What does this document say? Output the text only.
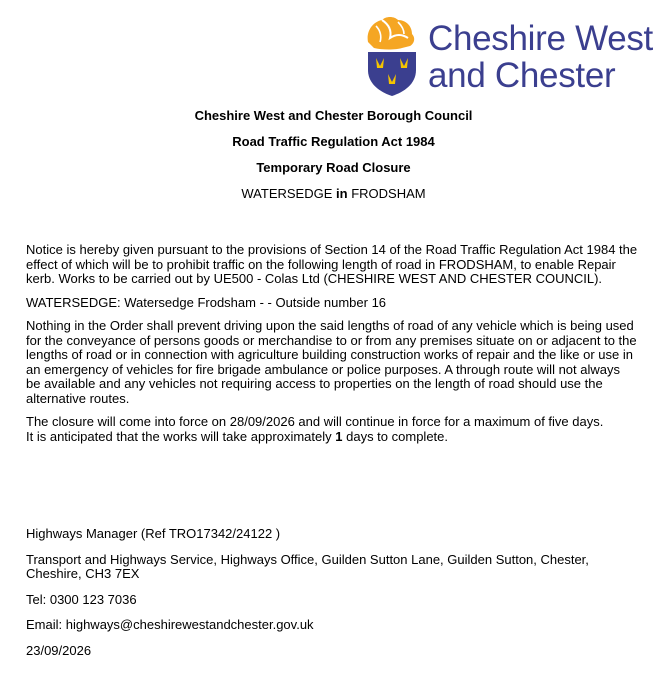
Cheshire West
and Chester
Cheshire West and Chester Borough Council
Road Traffic Regulation Act 1984
Temporary Road Closure
WATERSEDGE in FRODSHAM

Notice is hereby given pursuant to the provisions of Section 14 of the Road Traffic Regulation Act 1984 the effect of which will be to prohibit traffic on the following length of road in FRODSHAM, to enable Repair kerb. Works to be carried out by UE500 - Colas Ltd (CHESHIRE WEST AND CHESTER COUNCIL).

WATERSEDGE: Watersedge Frodsham - - Outside number 16

Nothing in the Order shall prevent driving upon the said lengths of road of any vehicle which is being used for the conveyance of persons goods or merchandise to or from any premises situate on or adjacent to the lengths of road or in connection with agriculture building construction works of repair and the like or use in an emergency of vehicles for fire brigade ambulance or police purposes. A through route will not always be available and any vehicles not requiring access to properties on the length of road should use the alternative routes.

The closure will come into force on 28/09/2026 and will continue in force for a maximum of five days.
It is anticipated that the works will take approximately 1 days to complete.

Highways Manager (Ref TRO17342/24122 )

Transport and Highways Service, Highways Office, Guilden Sutton Lane, Guilden Sutton, Chester, Cheshire, CH3 7EX

Tel: 0300 123 7036

Email: highways@cheshirewestandchester.gov.uk

23/09/2026
